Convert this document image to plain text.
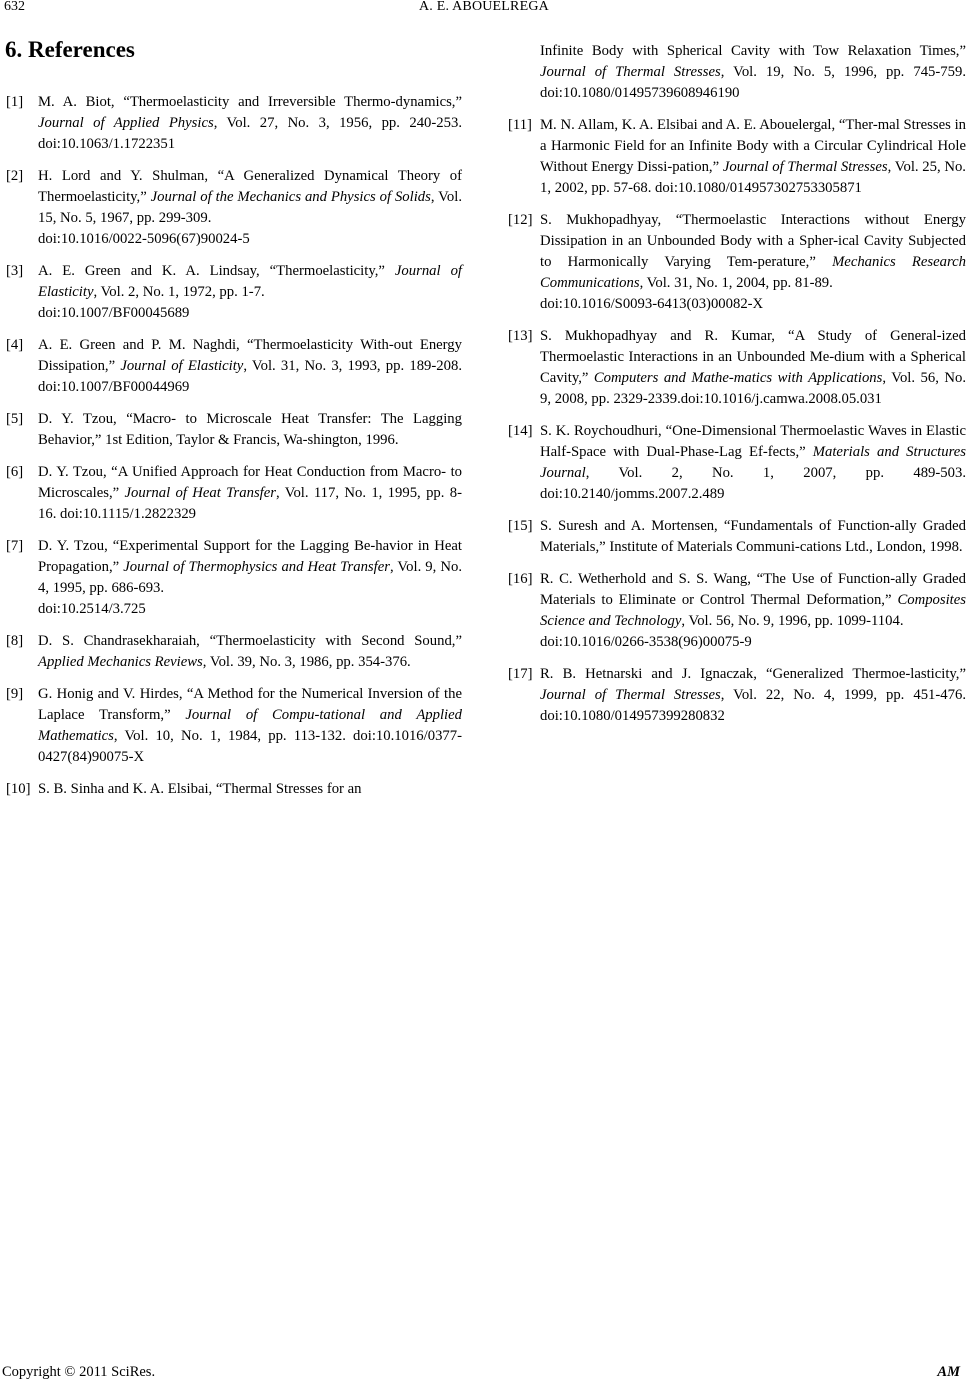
632	A. E. ABOUELREGA
6. References
[1]	M. A. Biot, “Thermoelasticity and Irreversible Thermo-dynamics,” Journal of Applied Physics, Vol. 27, No. 3, 1956, pp. 240-253. doi:10.1063/1.1722351
[2]	H. Lord and Y. Shulman, “A Generalized Dynamical Theory of Thermoelasticity,” Journal of the Mechanics and Physics of Solids, Vol. 15, No. 5, 1967, pp. 299-309.
doi:10.1016/0022-5096(67)90024-5
[3]	A. E. Green and K. A. Lindsay, “Thermoelasticity,” Journal of Elasticity, Vol. 2, No. 1, 1972, pp. 1-7.
doi:10.1007/BF00045689
[4]	A. E. Green and P. M. Naghdi, “Thermoelasticity With-out Energy Dissipation,” Journal of Elasticity, Vol. 31, No. 3, 1993, pp. 189-208. doi:10.1007/BF00044969
[5]	D. Y. Tzou, “Macro- to Microscale Heat Transfer: The Lagging Behavior,” 1st Edition, Taylor & Francis, Wa-shington, 1996.
[6]	D. Y. Tzou, “A Unified Approach for Heat Conduction from Macro- to Microscales,” Journal of Heat Transfer, Vol. 117, No. 1, 1995, pp. 8-16. doi:10.1115/1.2822329
[7]	D. Y. Tzou, “Experimental Support for the Lagging Be-havior in Heat Propagation,” Journal of Thermophysics and Heat Transfer, Vol. 9, No. 4, 1995, pp. 686-693.
doi:10.2514/3.725
[8]	D. S. Chandrasekharaiah, “Thermoelasticity with Second Sound,” Applied Mechanics Reviews, Vol. 39, No. 3, 1986, pp. 354-376.
[9]	G. Honig and V. Hirdes, “A Method for the Numerical Inversion of the Laplace Transform,” Journal of Compu-tational and Applied Mathematics, Vol. 10, No. 1, 1984, pp. 113-132. doi:10.1016/0377-0427(84)90075-X
[10] S. B. Sinha and K. A. Elsibai, “Thermal Stresses for an
Infinite Body with Spherical Cavity with Tow Relaxation Times,” Journal of Thermal Stresses, Vol. 19, No. 5, 1996, pp. 745-759. doi:10.1080/01495739608946190
[11] M. N. Allam, K. A. Elsibai and A. E. Abouelergal, “Ther-mal Stresses in a Harmonic Field for an Infinite Body with a Circular Cylindrical Hole Without Energy Dissi-pation,” Journal of Thermal Stresses, Vol. 25, No. 1, 2002, pp. 57-68. doi:10.1080/014957302753305871
[12] S. Mukhopadhyay, “Thermoelastic Interactions without Energy Dissipation in an Unbounded Body with a Spher-ical Cavity Subjected to Harmonically Varying Tem-perature,” Mechanics Research Communications, Vol. 31, No. 1, 2004, pp. 81-89.
doi:10.1016/S0093-6413(03)00082-X
[13] S. Mukhopadhyay and R. Kumar, “A Study of General-ized Thermoelastic Interactions in an Unbounded Me-dium with a Spherical Cavity,” Computers and Mathe-matics with Applications, Vol. 56, No. 9, 2008, pp. 2329-2339.doi:10.1016/j.camwa.2008.05.031
[14] S. K. Roychoudhuri, “One-Dimensional Thermoelastic Waves in Elastic Half-Space with Dual-Phase-Lag Ef-fects,” Materials and Structures Journal, Vol. 2, No. 1, 2007, pp. 489-503. doi:10.2140/jomms.2007.2.489
[15] S. Suresh and A. Mortensen, “Fundamentals of Function-ally Graded Materials,” Institute of Materials Communi-cations Ltd., London, 1998.
[16] R. C. Wetherhold and S. S. Wang, “The Use of Function-ally Graded Materials to Eliminate or Control Thermal Deformation,” Composites Science and Technology, Vol. 56, No. 9, 1996, pp. 1099-1104.
doi:10.1016/0266-3538(96)00075-9
[17] R. B. Hetnarski and J. Ignaczak, “Generalized Thermoe-lasticity,” Journal of Thermal Stresses, Vol. 22, No. 4, 1999, pp. 451-476. doi:10.1080/014957399280832
Copyright © 2011 SciRes.	AM
